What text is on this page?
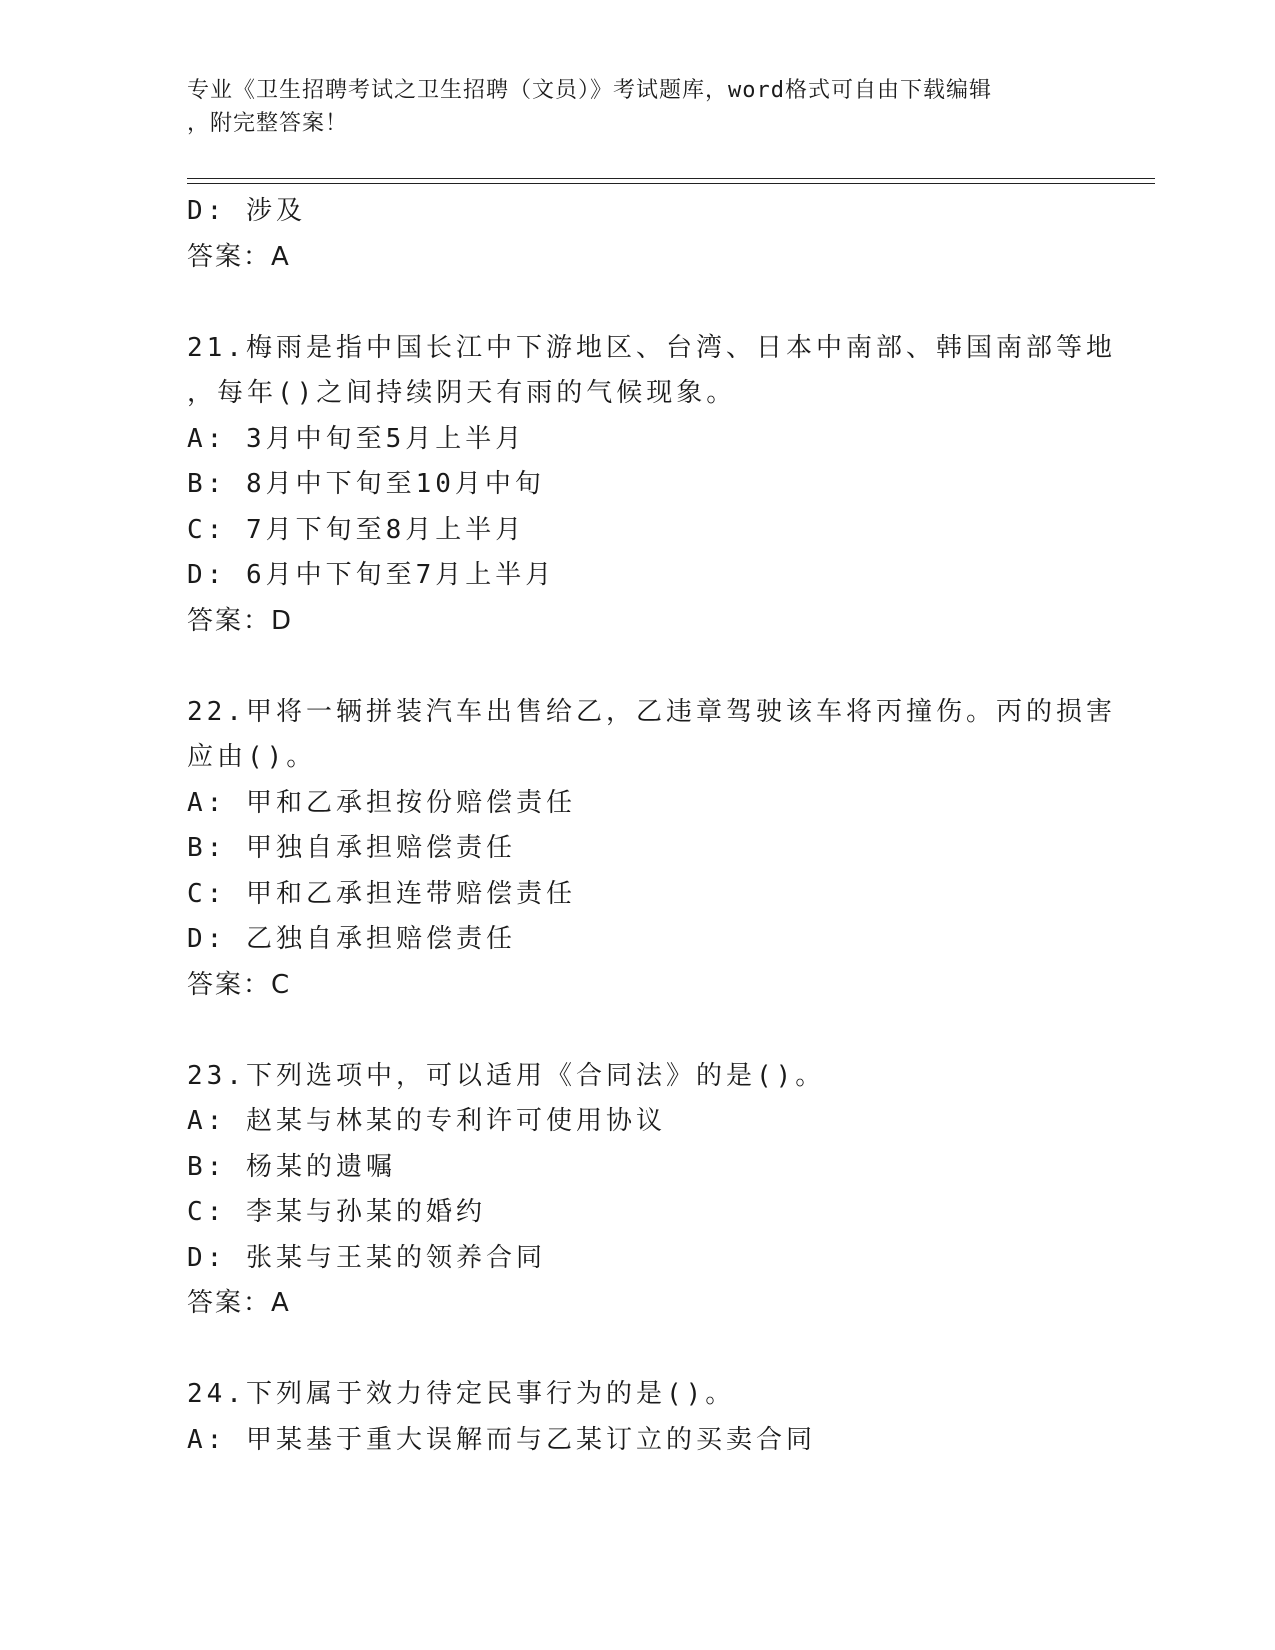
专业《卫生招聘考试之卫生招聘（文员）》考试题库，word格式可自由下载编辑
，附完整答案！
D: 涉及
答案：A
21.梅雨是指中国长江中下游地区、台湾、日本中南部、韩国南部等地
，每年()之间持续阴天有雨的气候现象。
A: 3月中旬至5月上半月
B: 8月中下旬至10月中旬
C: 7月下旬至8月上半月
D: 6月中下旬至7月上半月
答案：D
22.甲将一辆拼装汽车出售给乙，乙违章驾驶该车将丙撞伤。丙的损害
应由()。
A: 甲和乙承担按份赔偿责任
B: 甲独自承担赔偿责任
C: 甲和乙承担连带赔偿责任
D: 乙独自承担赔偿责任
答案：C
23.下列选项中，可以适用《合同法》的是()。
A: 赵某与林某的专利许可使用协议
B: 杨某的遗嘱
C: 李某与孙某的婚约
D: 张某与王某的领养合同
答案：A
24.下列属于效力待定民事行为的是()。
A: 甲某基于重大误解而与乙某订立的买卖合同
